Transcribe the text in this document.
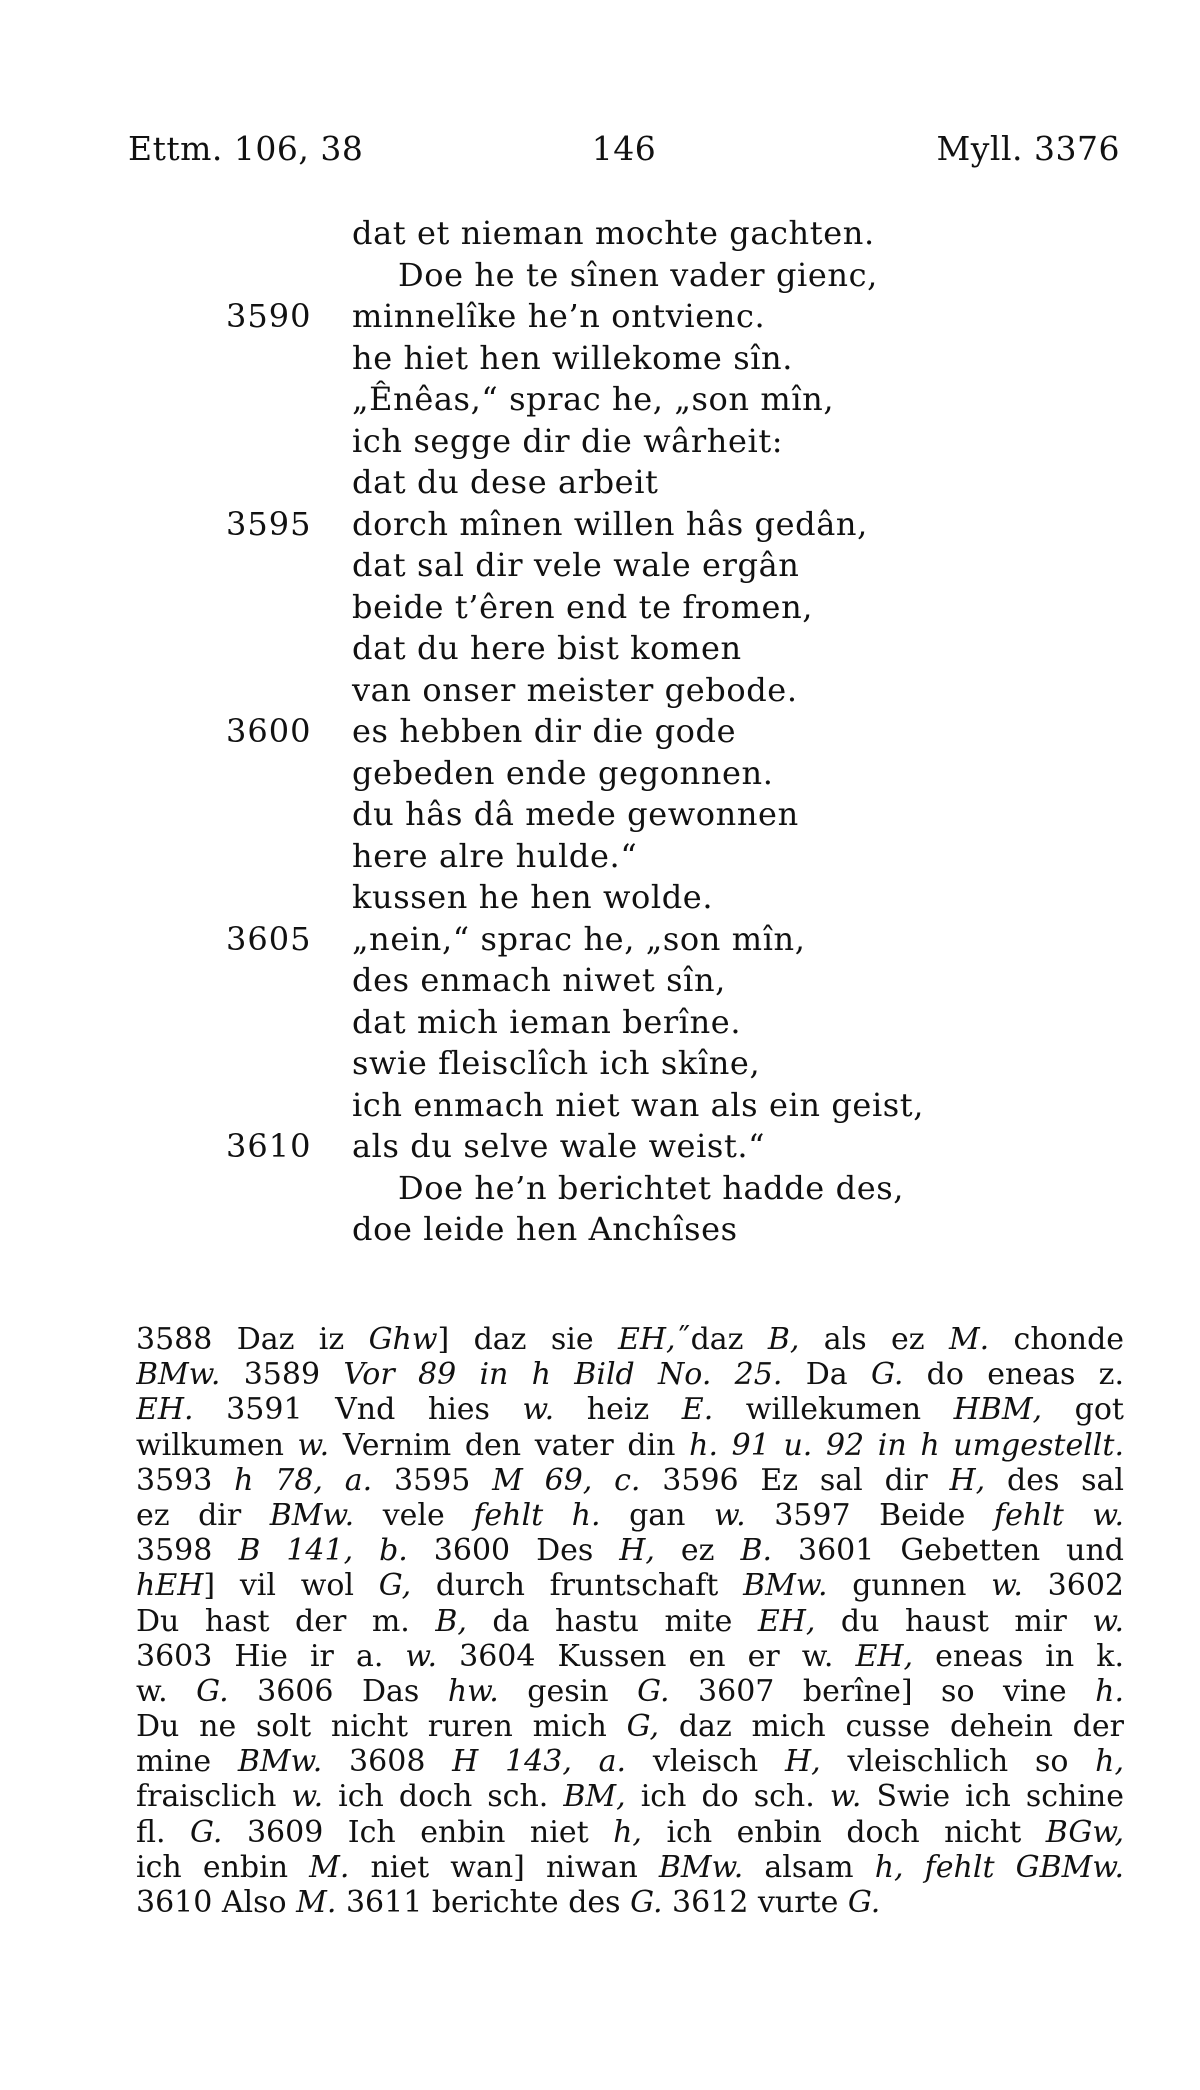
Ettm. 106, 38	146	Myll. 3376
dat et nieman mochte gachten.
Doe he te sînen vader gienc,
3590 minnelîke he’n ontvienc.
he hiet hen willekome sîn.
„Ênêas,“ sprac he, „son mîn,
ich segge dir die wârheit:
dat du dese arbeit
3595 dorch mînen willen hâs gedân,
dat sal dir vele wale ergân
beide t’êren end te fromen,
dat du here bist komen
van onser meister gebode.
3600 es hebben dir die gode
gebeden ende gegonnen.
du hâs dâ mede gewonnen
here alre hulde.“
kussen he hen wolde.
3605 „nein,“ sprac he, „son mîn,
des enmach niwet sîn,
dat mich ieman berîne.
swie fleisclîch ich skîne,
ich enmach niet wan als ein geist,
3610 als du selve wale weist.“
Doe he’n berichtet hadde des,
doe leide hen Anchîses
3588 Daz iz Ghw] daz sie EH,˝daz B, als ez M. chonde
BMw. 3589 Vor 89 in h Bild No. 25. Da G. do eneas z.
EH. 3591 Vnd hies w. heiz E. willekumen HBM, got
wilkumen w. Vernim den vater din h. 91 u. 92 in h umgestellt.
3593 h 78, a. 3595 M 69, c. 3596 Ez sal dir H, des sal
ez dir BMw. vele fehlt h. gan w. 3597 Beide fehlt w.
3598 B 141, b. 3600 Des H, ez B. 3601 Gebetten und
hEH] vil wol G, durch fruntschaft BMw. gunnen w. 3602
Du hast der m. B, da hastu mite EH, du haust mir w.
3603 Hie ir a. w. 3604 Kussen en er w. EH, eneas in k.
w. G. 3606 Das hw. gesin G. 3607 berîne] so vine h.
Du ne solt nicht ruren mich G, daz mich cusse dehein der
mine BMw. 3608 H 143, a. vleisch H, vleischlich so h,
fraisclich w. ich doch sch. BM, ich do sch. w. Swie ich schine
fl. G. 3609 Ich enbin niet h, ich enbin doch nicht BGw,
ich enbin M. niet wan] niwan BMw. alsam h, fehlt GBMw.
3610 Also M. 3611 berichte des G. 3612 vurte G.
